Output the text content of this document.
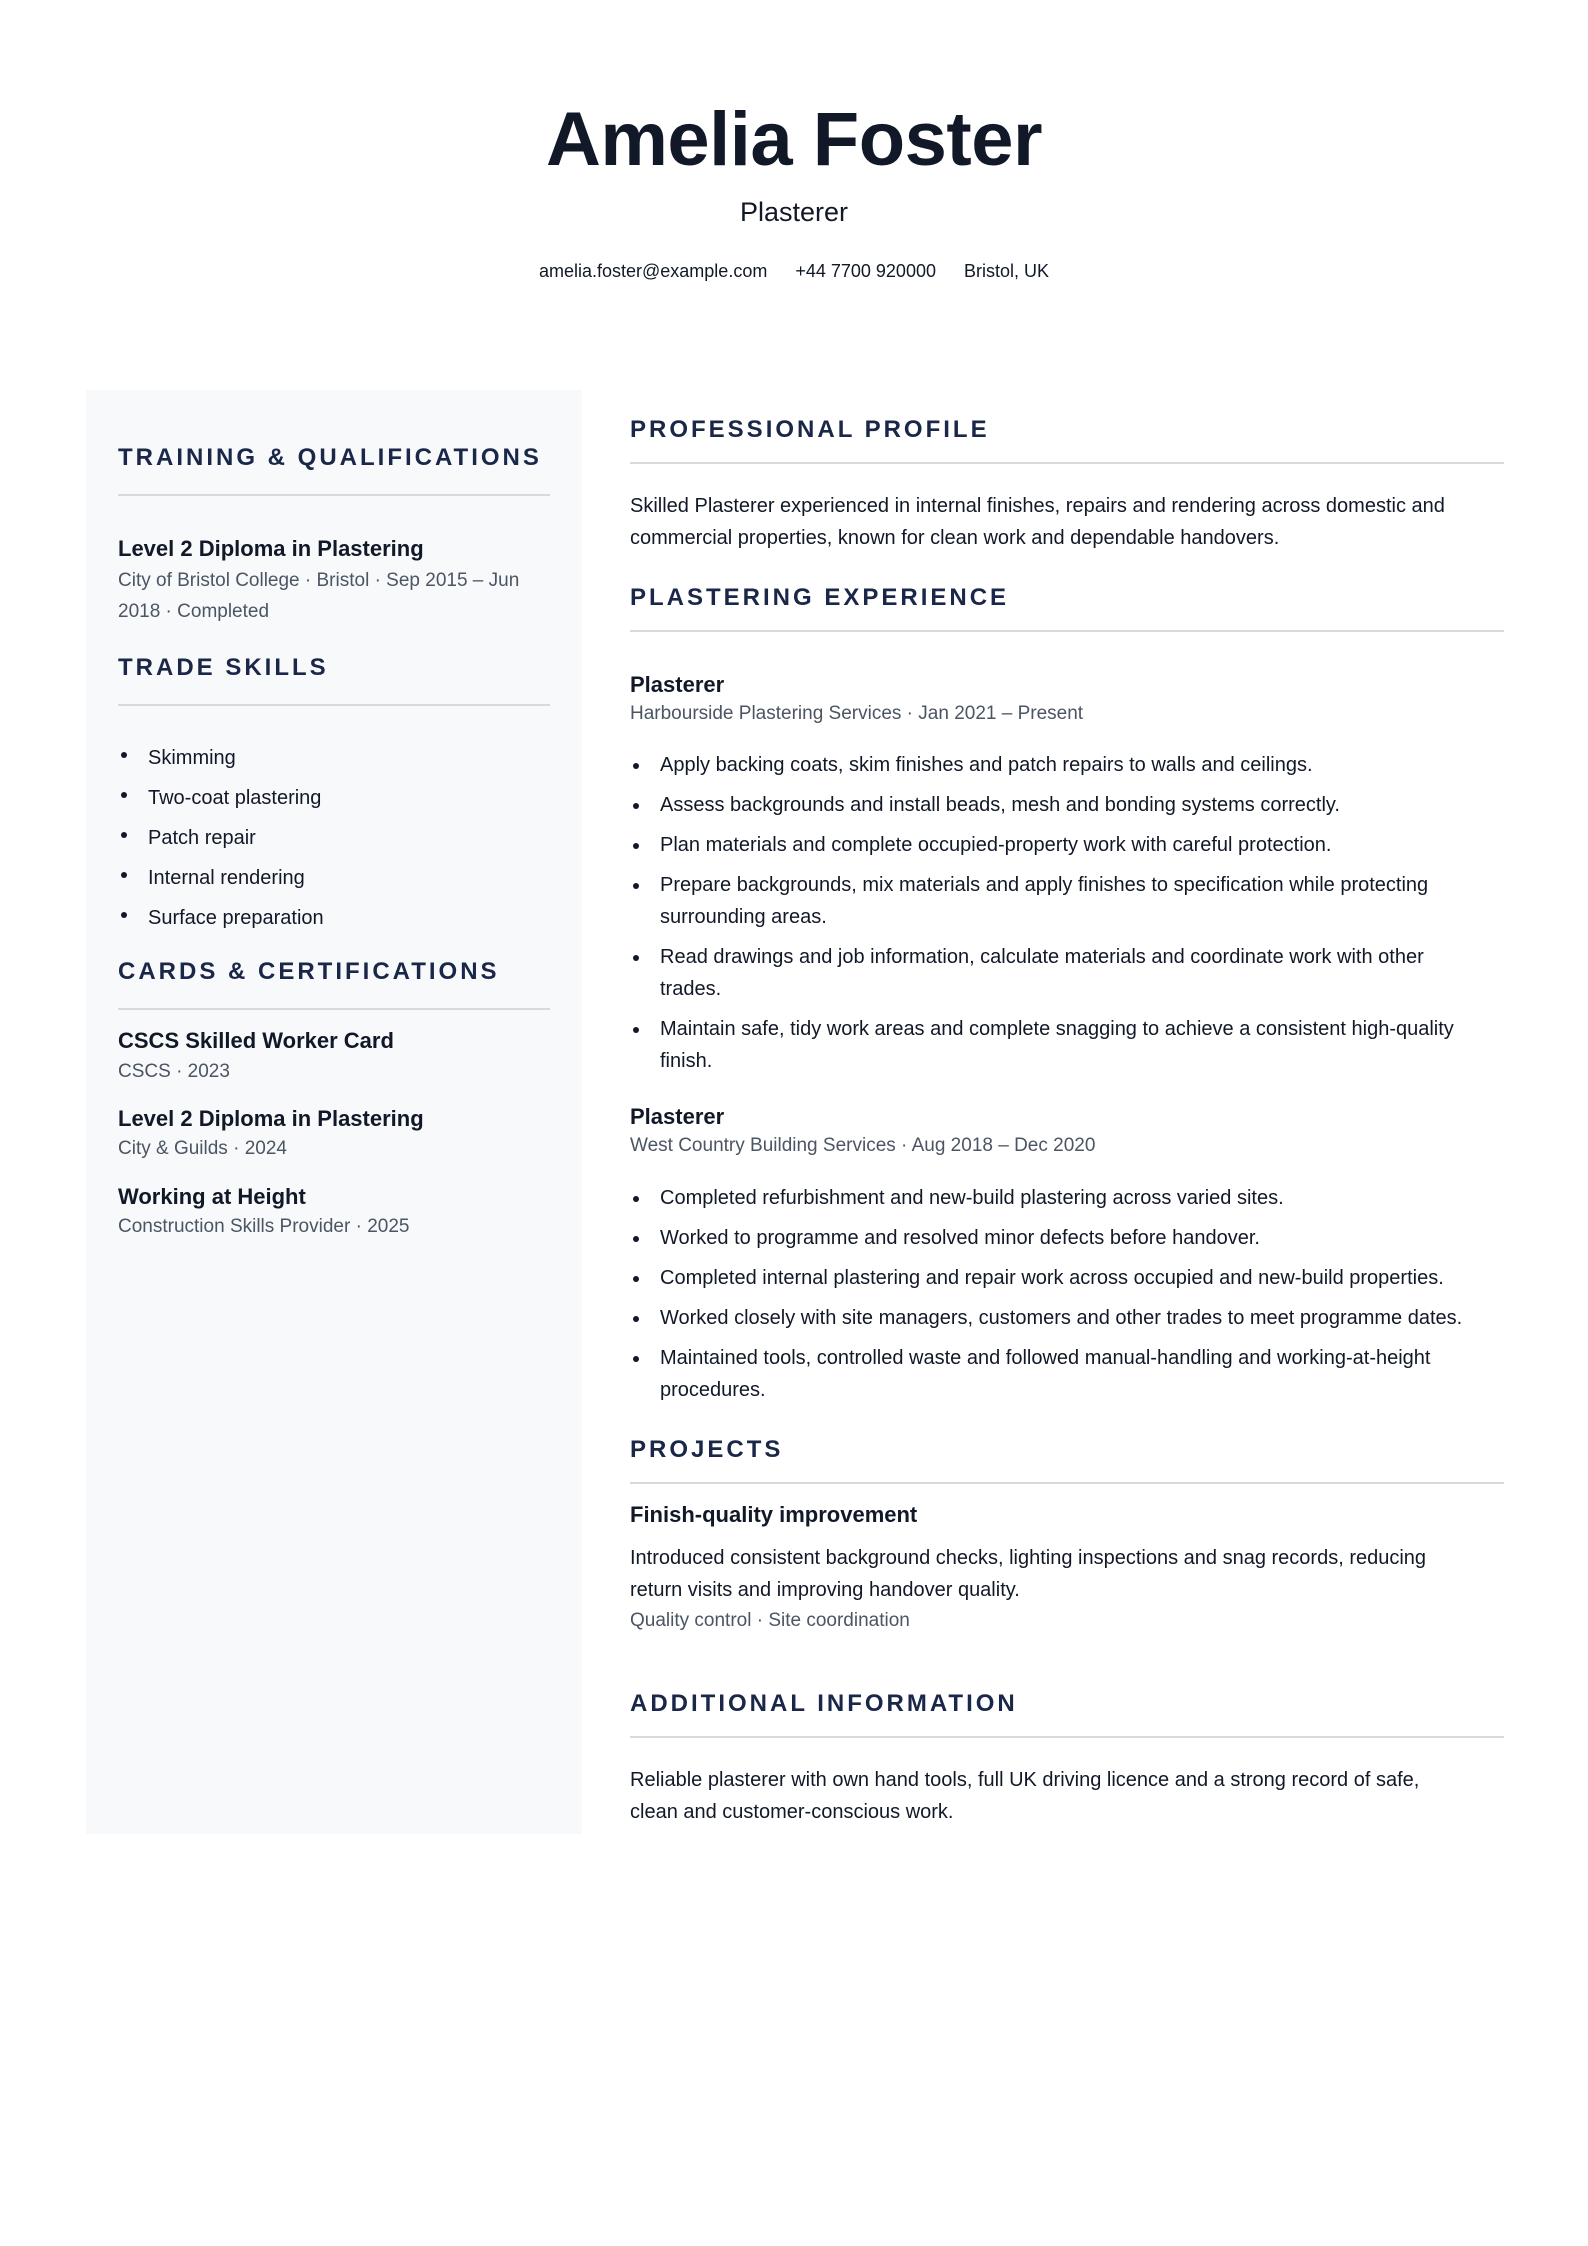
Amelia Foster
Plasterer
amelia.foster@example.com +44 7700 920000 Bristol, UK
TRAINING & QUALIFICATIONS
Level 2 Diploma in Plastering
City of Bristol College · Bristol · Sep 2015 – Jun
2018 · Completed
TRADE SKILLS
Skimming
Two-coat plastering
Patch repair
Internal rendering
Surface preparation
CARDS & CERTIFICATIONS
CSCS Skilled Worker Card
CSCS · 2023
Level 2 Diploma in Plastering
City & Guilds · 2024
Working at Height
Construction Skills Provider · 2025
PROFESSIONAL PROFILE
Skilled Plasterer experienced in internal finishes, repairs and rendering across domestic and
commercial properties, known for clean work and dependable handovers.
PLASTERING EXPERIENCE
Plasterer
Harbourside Plastering Services · Jan 2021 – Present
Apply backing coats, skim finishes and patch repairs to walls and ceilings.
Assess backgrounds and install beads, mesh and bonding systems correctly.
Plan materials and complete occupied-property work with careful protection.
Prepare backgrounds, mix materials and apply finishes to specification while protecting
surrounding areas.
Read drawings and job information, calculate materials and coordinate work with other
trades.
Maintain safe, tidy work areas and complete snagging to achieve a consistent high-quality
finish.
Plasterer
West Country Building Services · Aug 2018 – Dec 2020
Completed refurbishment and new-build plastering across varied sites.
Worked to programme and resolved minor defects before handover.
Completed internal plastering and repair work across occupied and new-build properties.
Worked closely with site managers, customers and other trades to meet programme dates.
Maintained tools, controlled waste and followed manual-handling and working-at-height
procedures.
PROJECTS
Finish-quality improvement
Introduced consistent background checks, lighting inspections and snag records, reducing
return visits and improving handover quality.
Quality control · Site coordination
ADDITIONAL INFORMATION
Reliable plasterer with own hand tools, full UK driving licence and a strong record of safe,
clean and customer-conscious work.
